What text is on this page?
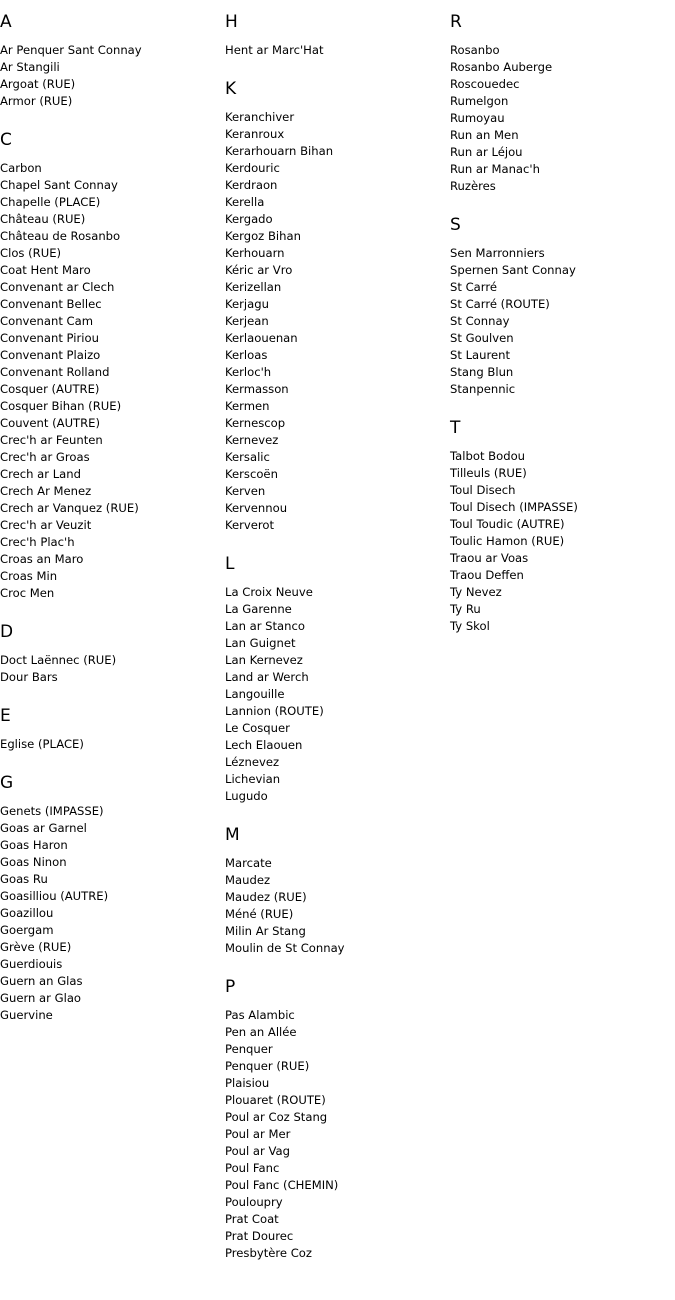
A
Ar Penquer Sant Connay
Ar Stangili
Argoat (RUE)
Armor (RUE)
C
Carbon
Chapel Sant Connay
Chapelle (PLACE)
Château (RUE)
Château de Rosanbo
Clos (RUE)
Coat Hent Maro
Convenant ar Clech
Convenant Bellec
Convenant Cam
Convenant Piriou
Convenant Plaizo
Convenant Rolland
Cosquer (AUTRE)
Cosquer Bihan (RUE)
Couvent (AUTRE)
Crec'h ar Feunten
Crec'h ar Groas
Crech ar Land
Crech Ar Menez
Crech ar Vanquez (RUE)
Crec'h ar Veuzit
Crec'h Plac'h
Croas an Maro
Croas Min
Croc Men
D
Doct Laënnec (RUE)
Dour Bars
E
Eglise (PLACE)
G
Genets (IMPASSE)
Goas ar Garnel
Goas Haron
Goas Ninon
Goas Ru
Goasilliou (AUTRE)
Goazillou
Goergam
Grève (RUE)
Guerdiouis
Guern an Glas
Guern ar Glao
Guervine
H
Hent ar Marc'Hat
K
Keranchiver
Keranroux
Kerarhouarn Bihan
Kerdouric
Kerdraon
Kerella
Kergado
Kergoz Bihan
Kerhouarn
Kéric ar Vro
Kerizellan
Kerjagu
Kerjean
Kerlaouenan
Kerloas
Kerloc'h
Kermasson
Kermen
Kernescop
Kernevez
Kersalic
Kerscoën
Kerven
Kervennou
Kerverot
L
La Croix Neuve
La Garenne
Lan ar Stanco
Lan Guignet
Lan Kernevez
Land ar Werch
Langouille
Lannion (ROUTE)
Le Cosquer
Lech Elaouen
Léznevez
Lichevian
Lugudo
M
Marcate
Maudez
Maudez (RUE)
Méné (RUE)
Milin Ar Stang
Moulin de St Connay
P
Pas Alambic
Pen an Allée
Penquer
Penquer (RUE)
Plaisiou
Plouaret (ROUTE)
Poul ar Coz Stang
Poul ar Mer
Poul ar Vag
Poul Fanc
Poul Fanc (CHEMIN)
Pouloupry
Prat Coat
Prat Dourec
Presbytère Coz
R
Rosanbo
Rosanbo Auberge
Roscouedec
Rumelgon
Rumoyau
Run an Men
Run ar Léjou
Run ar Manac'h
Ruzères
S
Sen Marronniers
Spernen Sant Connay
St Carré
St Carré (ROUTE)
St Connay
St Goulven
St Laurent
Stang Blun
Stanpennic
T
Talbot Bodou
Tilleuls (RUE)
Toul Disech
Toul Disech (IMPASSE)
Toul Toudic (AUTRE)
Toulic Hamon (RUE)
Traou ar Voas
Traou Deffen
Ty Nevez
Ty Ru
Ty Skol
